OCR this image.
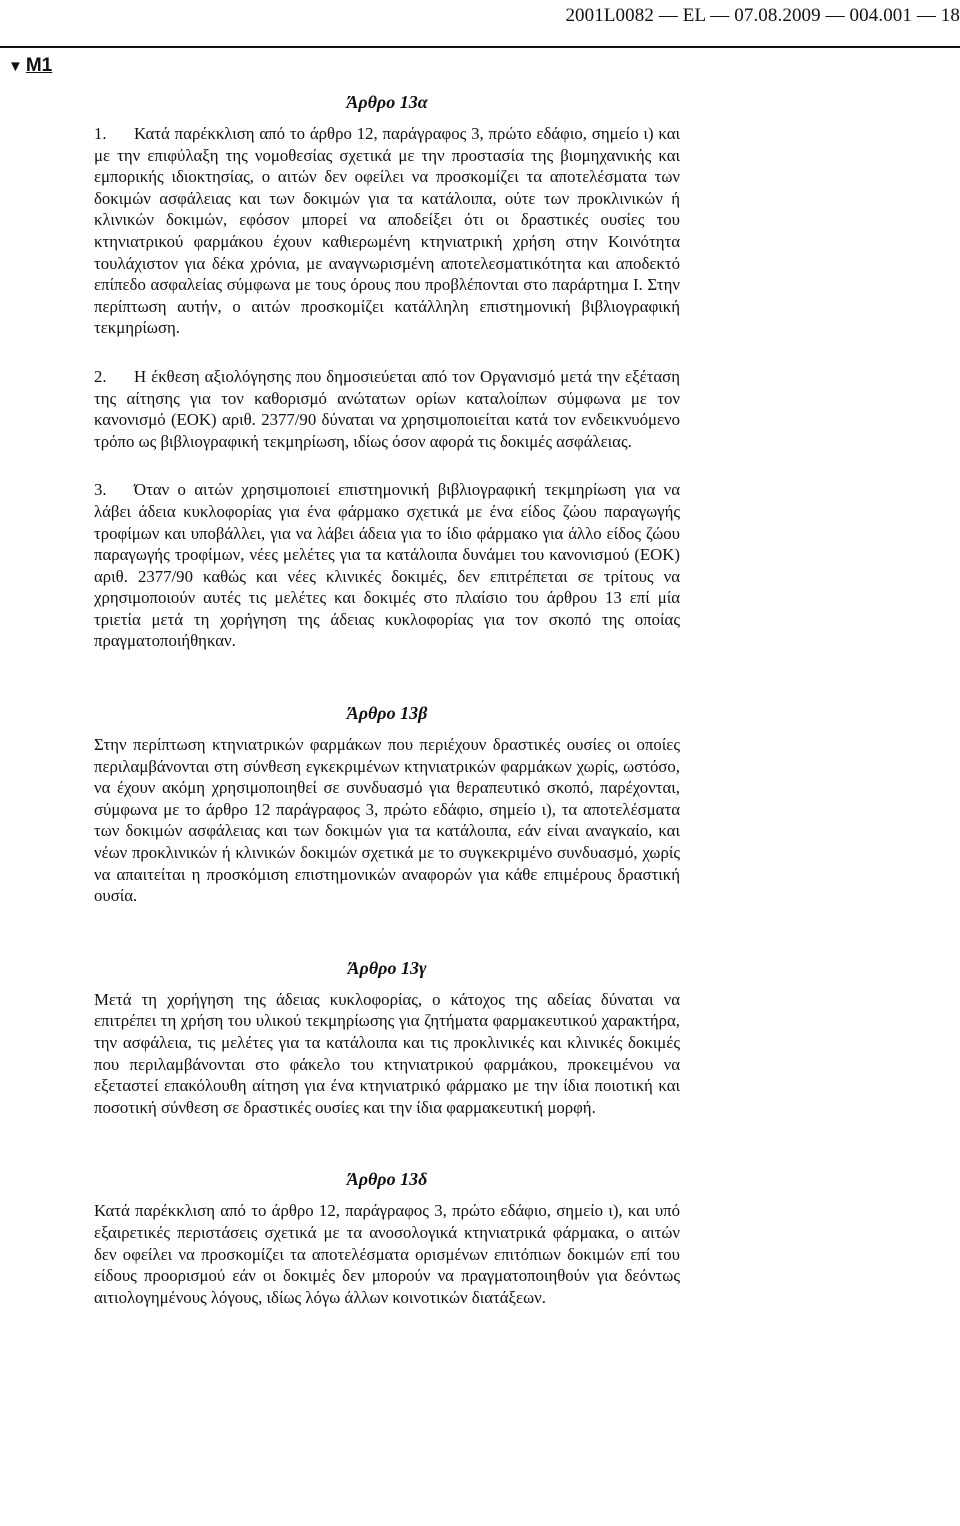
2001L0082 — EL — 07.08.2009 — 004.001 — 18
▼ M1
Άρθρο 13α

1. Κατά παρέκκλιση από το άρθρο 12, παράγραφος 3, πρώτο εδάφιο, σημείο ι) και με την επιφύλαξη της νομοθεσίας σχετικά με την προστασία της βιομηχανικής και εμπορικής ιδιοκτησίας, ο αιτών δεν οφείλει να προσκομίζει τα αποτελέσματα των δοκιμών ασφάλειας και των δοκιμών για τα κατάλοιπα, ούτε των προκλινικών ή κλινικών δοκιμών, εφόσον μπορεί να αποδείξει ότι οι δραστικές ουσίες του κτηνιατρικού φαρμάκου έχουν καθιερωμένη κτηνιατρική χρήση στην Κοινότητα τουλάχιστον για δέκα χρόνια, με αναγνωρισμένη αποτελεσματικότητα και αποδεκτό επίπεδο ασφαλείας σύμφωνα με τους όρους που προβλέπονται στο παράρτημα I. Στην περίπτωση αυτήν, ο αιτών προσκομίζει κατάλληλη επιστημονική βιβλιογραφική τεκμηρίωση.

2. Η έκθεση αξιολόγησης που δημοσιεύεται από τον Οργανισμό μετά την εξέταση της αίτησης για τον καθορισμό ανώτατων ορίων καταλοίπων σύμφωνα με τον κανονισμό (ΕΟΚ) αριθ. 2377/90 δύναται να χρησιμοποιείται κατά τον ενδεικνυόμενο τρόπο ως βιβλιογραφική τεκμηρίωση, ιδίως όσον αφορά τις δοκιμές ασφάλειας.

3. Όταν ο αιτών χρησιμοποιεί επιστημονική βιβλιογραφική τεκμηρίωση για να λάβει άδεια κυκλοφορίας για ένα φάρμακο σχετικά με ένα είδος ζώου παραγωγής τροφίμων και υποβάλλει, για να λάβει άδεια για το ίδιο φάρμακο για άλλο είδος ζώου παραγωγής τροφίμων, νέες μελέτες για τα κατάλοιπα δυνάμει του κανονισμού (ΕΟΚ) αριθ. 2377/90 καθώς και νέες κλινικές δοκιμές, δεν επιτρέπεται σε τρίτους να χρησιμοποιούν αυτές τις μελέτες και δοκιμές στο πλαίσιο του άρθρου 13 επί μία τριετία μετά τη χορήγηση της άδειας κυκλοφορίας για τον σκοπό της οποίας πραγματοποιήθηκαν.

Άρθρο 13β

Στην περίπτωση κτηνιατρικών φαρμάκων που περιέχουν δραστικές ουσίες οι οποίες περιλαμβάνονται στη σύνθεση εγκεκριμένων κτηνιατρικών φαρμάκων χωρίς, ωστόσο, να έχουν ακόμη χρησιμοποιηθεί σε συνδυασμό για θεραπευτικό σκοπό, παρέχονται, σύμφωνα με το άρθρο 12 παράγραφος 3, πρώτο εδάφιο, σημείο ι), τα αποτελέσματα των δοκιμών ασφάλειας και των δοκιμών για τα κατάλοιπα, εάν είναι αναγκαίο, και νέων προκλινικών ή κλινικών δοκιμών σχετικά με το συγκεκριμένο συνδυασμό, χωρίς να απαιτείται η προσκόμιση επιστημονικών αναφορών για κάθε επιμέρους δραστική ουσία.

Άρθρο 13γ

Μετά τη χορήγηση της άδειας κυκλοφορίας, ο κάτοχος της αδείας δύναται να επιτρέπει τη χρήση του υλικού τεκμηρίωσης για ζητήματα φαρμακευτικού χαρακτήρα, την ασφάλεια, τις μελέτες για τα κατάλοιπα και τις προκλινικές και κλινικές δοκιμές που περιλαμβάνονται στο φάκελο του κτηνιατρικού φαρμάκου, προκειμένου να εξεταστεί επακόλουθη αίτηση για ένα κτηνιατρικό φάρμακο με την ίδια ποιοτική και ποσοτική σύνθεση σε δραστικές ουσίες και την ίδια φαρμακευτική μορφή.

Άρθρο 13δ

Κατά παρέκκλιση από το άρθρο 12, παράγραφος 3, πρώτο εδάφιο, σημείο ι), και υπό εξαιρετικές περιστάσεις σχετικά με τα ανοσολογικά κτηνιατρικά φάρμακα, ο αιτών δεν οφείλει να προσκομίζει τα αποτελέσματα ορισμένων επιτόπιων δοκιμών επί του είδους προορισμού εάν οι δοκιμές δεν μπορούν να πραγματοποιηθούν για δεόντως αιτιολογημένους λόγους, ιδίως λόγω άλλων κοινοτικών διατάξεων.
